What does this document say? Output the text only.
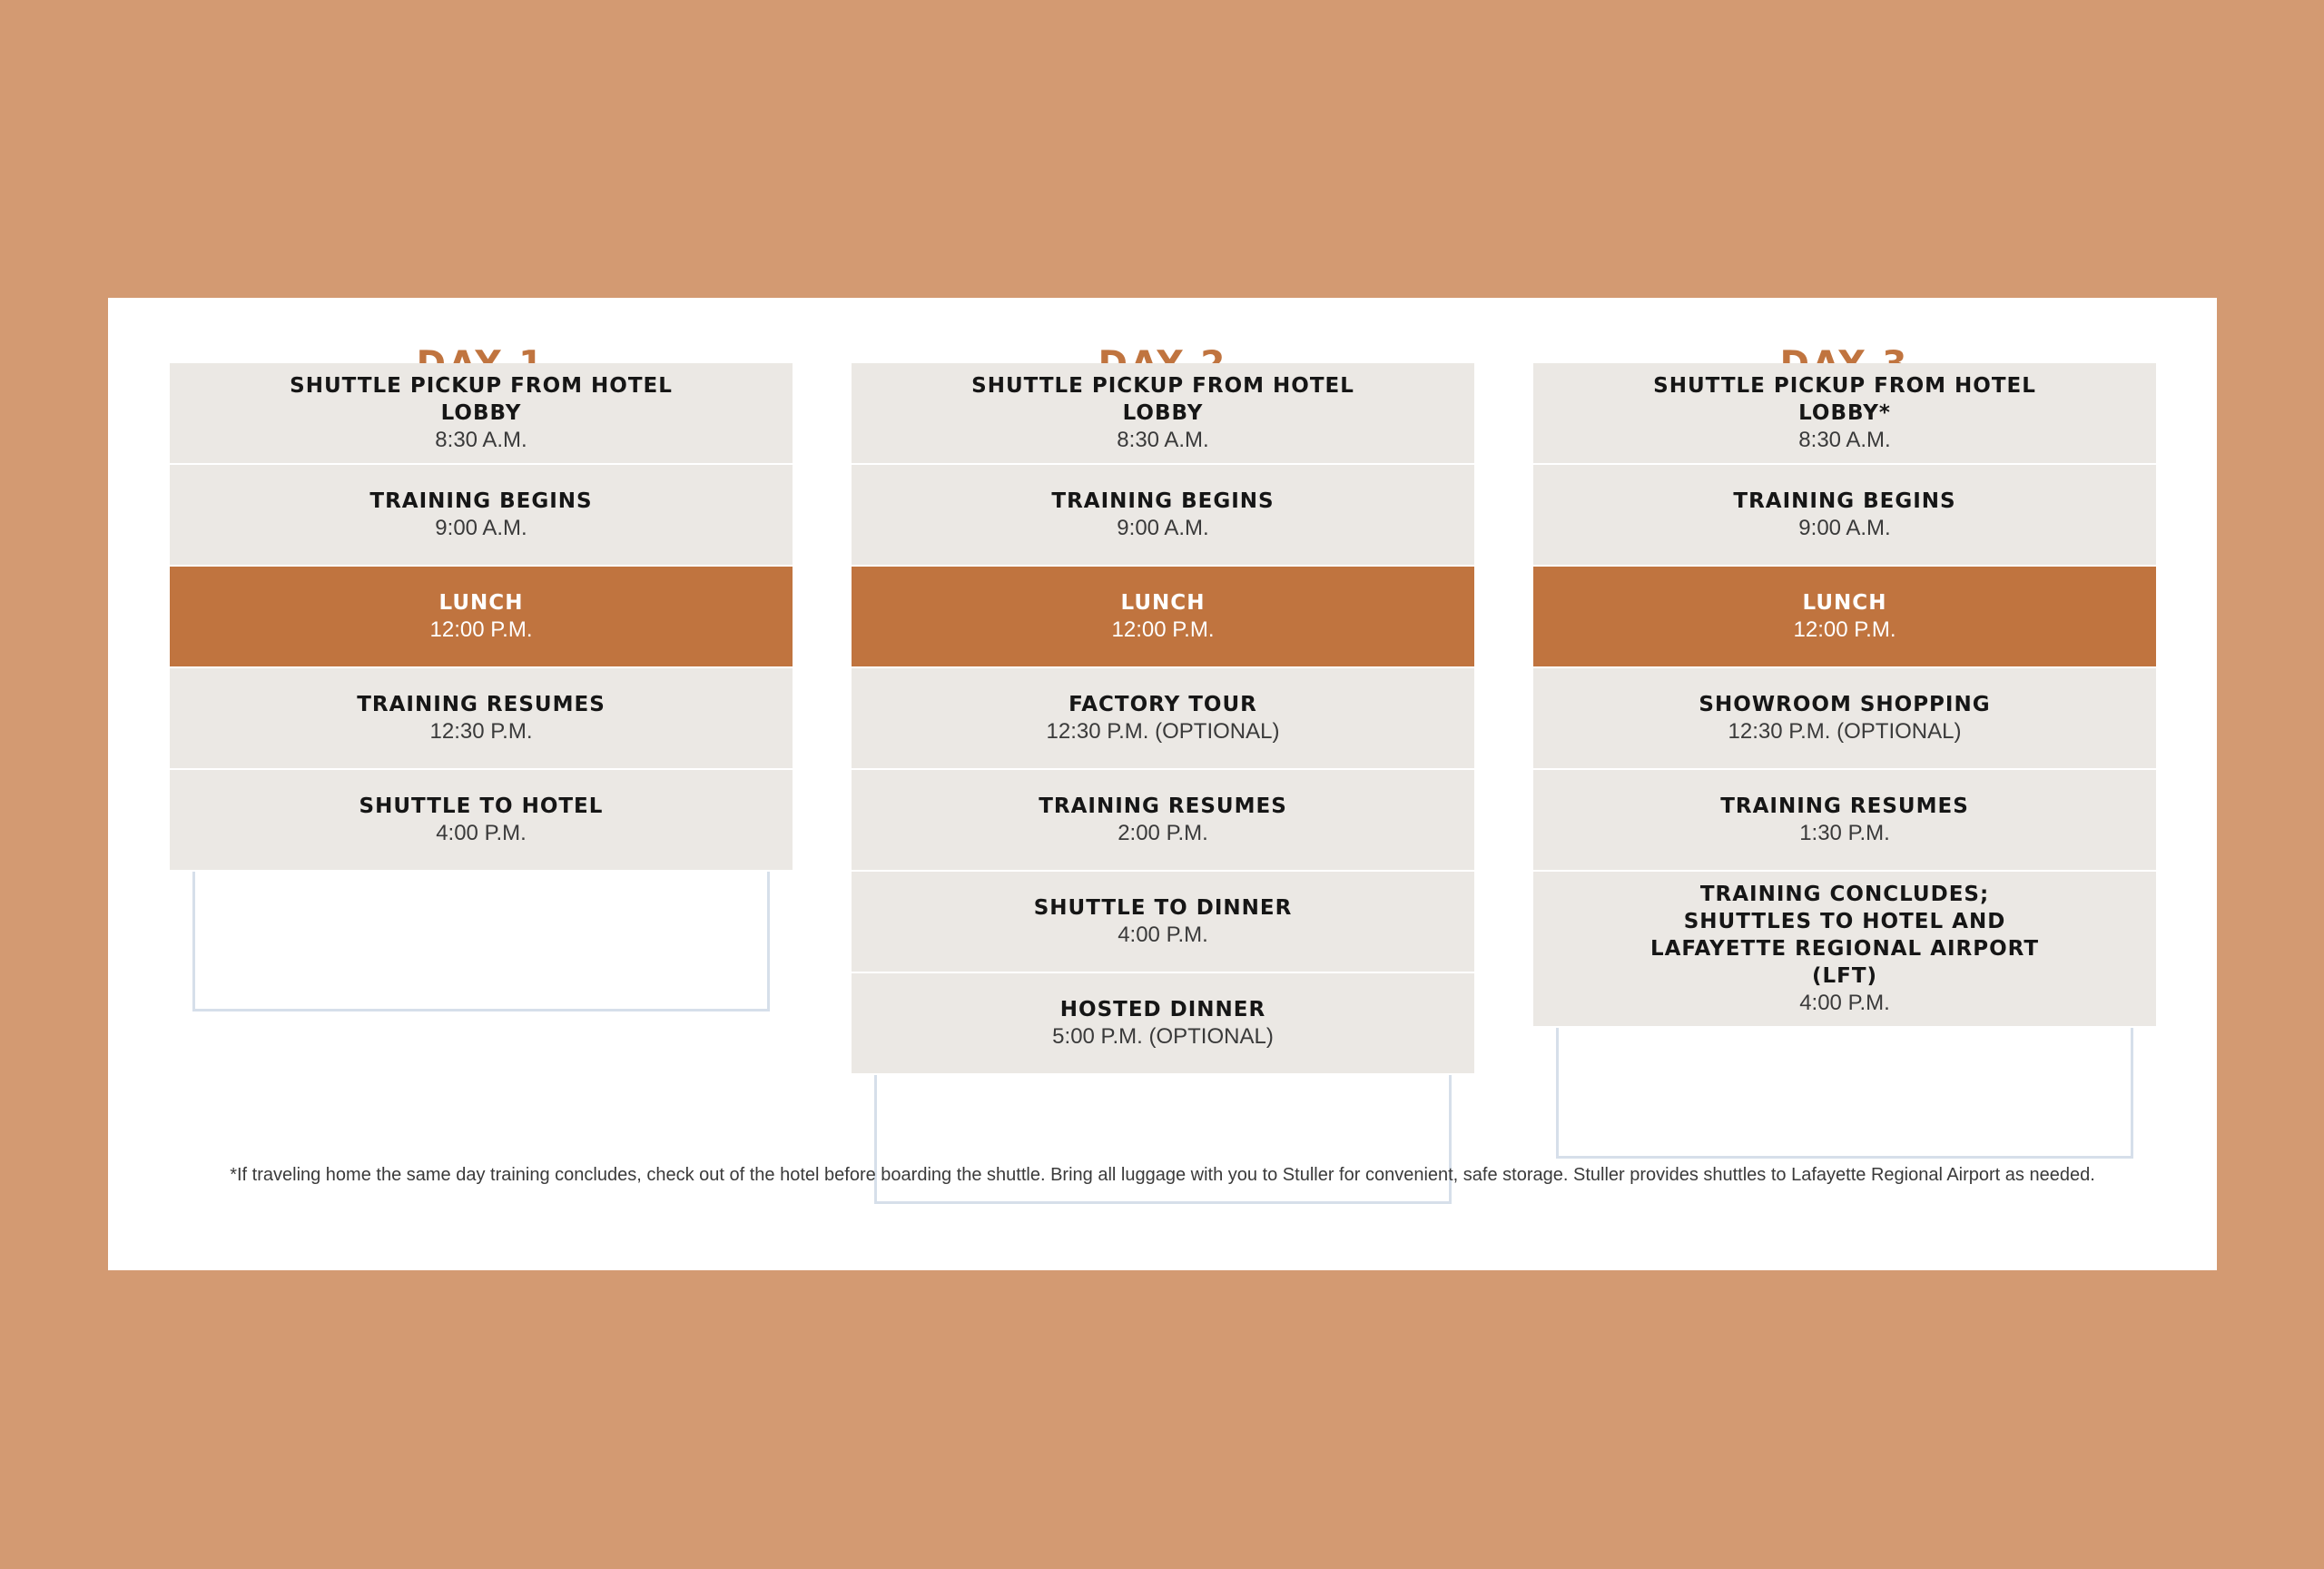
SHUTTLE PICKUP FROM HOTEL LOBBY
8:30 A.M.
TRAINING BEGINS
9:00 A.M.
LUNCH
12:00 P.M.
TRAINING RESUMES
12:30 P.M.
SHUTTLE TO HOTEL
4:00 P.M.
SHUTTLE PICKUP FROM HOTEL LOBBY
8:30 A.M.
TRAINING BEGINS
9:00 A.M.
LUNCH
12:00 P.M.
FACTORY TOUR
12:30 P.M. (OPTIONAL)
TRAINING RESUMES
2:00 P.M.
SHUTTLE TO DINNER
4:00 P.M.
HOSTED DINNER
5:00 P.M. (OPTIONAL)
SHUTTLE PICKUP FROM HOTEL LOBBY*
8:30 A.M.
TRAINING BEGINS
9:00 A.M.
LUNCH
12:00 P.M.
SHOWROOM SHOPPING
12:30 P.M. (OPTIONAL)
TRAINING RESUMES
1:30 P.M.
TRAINING CONCLUDES; SHUTTLES TO HOTEL AND LAFAYETTE REGIONAL AIRPORT (LFT)
4:00 P.M.
*If traveling home the same day training concludes, check out of the hotel before boarding the shuttle. Bring all luggage with you to Stuller for convenient, safe storage. Stuller provides shuttles to Lafayette Regional Airport as needed.
